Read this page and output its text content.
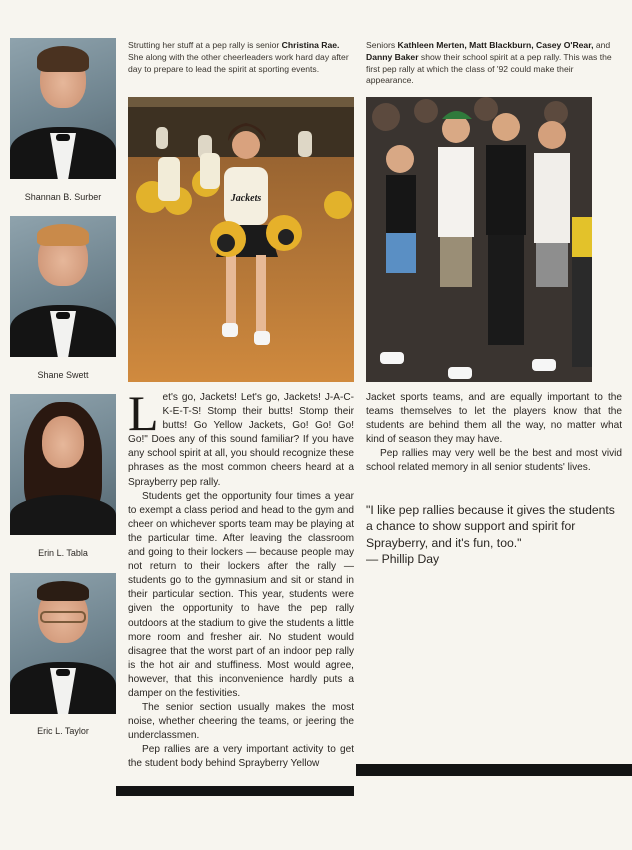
Shannan B. Surber
Shane Swett
Erin L. Tabla
Eric L. Taylor
Strutting her stuff at a pep rally is senior Christina Rae. She along with the other cheerleaders work hard day after day to prepare to lead the spirit at sporting events.
Seniors Kathleen Merten, Matt Blackburn, Casey O'Rear, and Danny Baker show their school spirit at a pep rally. This was the first pep rally at which the class of '92 could make their appearance.
Jackets

Let's go, Jackets! Let's go, Jackets! J-A-C-K-E-T-S! Stomp their butts! Stomp their butts! Go Yellow Jackets, Go! Go! Go! Go!" Does any of this sound familiar? If you have any school spirit at all, you should recognize these phrases as the most common cheers heard at a Sprayberry pep rally.

Students get the opportunity four times a year to exempt a class period and head to the gym and cheer on whichever sports team may be playing at the particular time. After leaving the classroom and going to their lockers — because people may not return to their lockers after the rally — students go to the gymnasium and sit or stand in their particular section. This year, students were given the opportunity to have the pep rally outdoors at the stadium to give the students a little more room and fresher air. No student would disagree that the worst part of an indoor pep rally is the hot air and stuffiness. Most would agree, however, that this inconvenience hardly puts a damper on the festivities.

The senior section usually makes the most noise, whether cheering the teams, or jeering the underclassmen.

Pep rallies are a very important activity to get the student body behind Sprayberry Yellow

Jacket sports teams, and are equally important to the teams themselves to let the players know that the students are behind them all the way, no matter what kind of season they may have.

Pep rallies may very well be the best and most vivid school related memory in all senior students' lives.

"I like pep rallies because it gives the students a chance to show support and spirit for Sprayberry, and it's fun, too."
— Phillip Day
